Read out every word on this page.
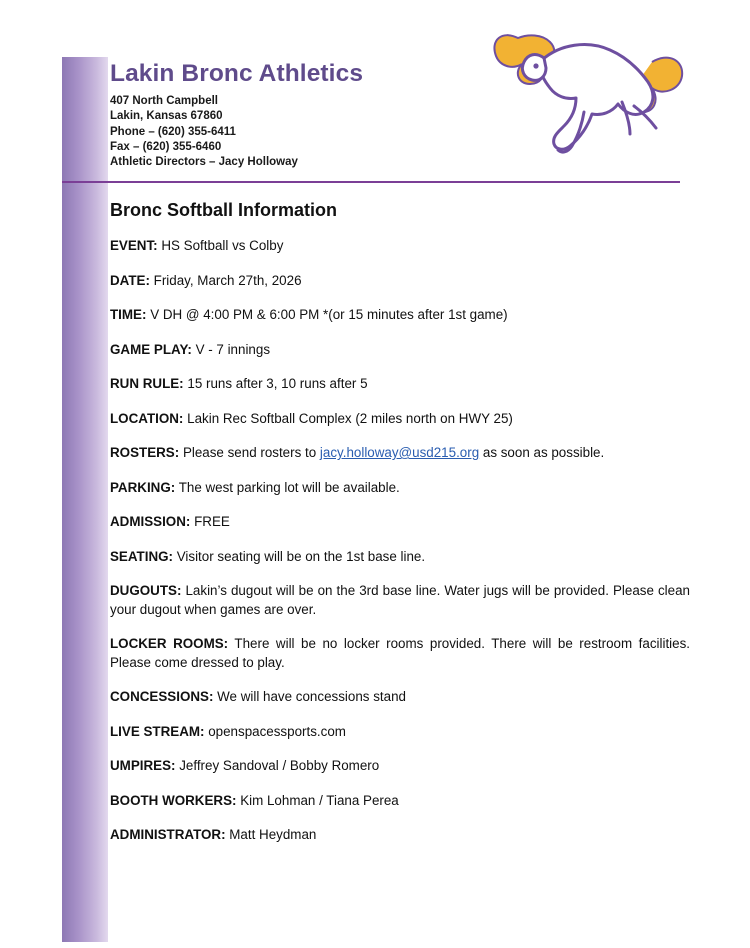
Lakin Bronc Athletics
407 North Campbell
Lakin, Kansas 67860
Phone – (620) 355-6411
Fax – (620) 355-6460
Athletic Directors – Jacy Holloway
Bronc Softball Information

EVENT: HS Softball vs Colby

DATE: Friday, March 27th, 2026

TIME: V DH @ 4:00 PM & 6:00 PM *(or 15 minutes after 1st game)

GAME PLAY: V - 7 innings

RUN RULE: 15 runs after 3, 10 runs after 5

LOCATION: Lakin Rec Softball Complex (2 miles north on HWY 25)

ROSTERS: Please send rosters to jacy.holloway@usd215.org as soon as possible.

PARKING: The west parking lot will be available.

ADMISSION: FREE

SEATING: Visitor seating will be on the 1st base line.

DUGOUTS: Lakin’s dugout will be on the 3rd base line. Water jugs will be provided. Please clean your dugout when games are over.

LOCKER ROOMS: There will be no locker rooms provided. There will be restroom facilities. Please come dressed to play.

CONCESSIONS: We will have concessions stand

LIVE STREAM: openspacessports.com

UMPIRES: Jeffrey Sandoval / Bobby Romero

BOOTH WORKERS: Kim Lohman / Tiana Perea

ADMINISTRATOR: Matt Heydman
